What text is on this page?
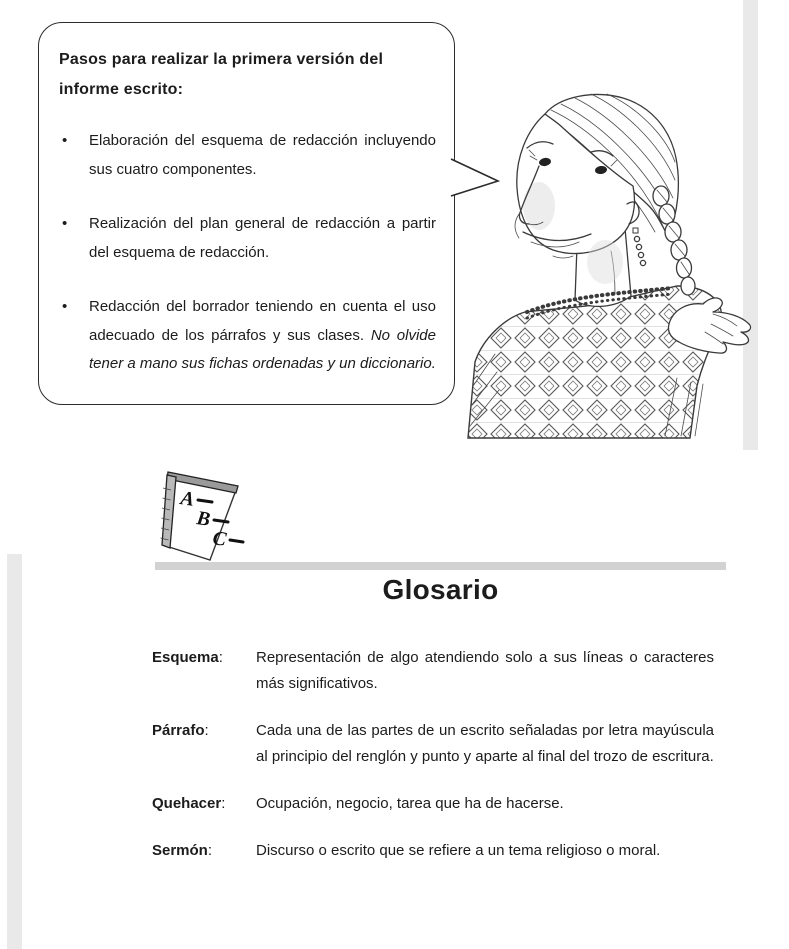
Pasos para realizar la primera versión del informe escrito:
• Elaboración del esquema de redacción incluyendo sus cuatro componentes.
• Realización del plan general de redacción a partir del esquema de redacción.
• Redacción del borrador teniendo en cuenta el uso adecuado de los párrafos y sus clases. No olvide tener a mano sus fichas ordenadas y un diccionario.
A
B
C
Glosario
Esquema:	Representación de algo atendiendo solo a sus líneas o caracteres más significativos.
Párrafo:	Cada una de las partes de un escrito señaladas por letra mayúscula al principio del renglón y punto y aparte al final del trozo de escritura.
Quehacer:	Ocupación, negocio, tarea que ha de hacerse.
Sermón:	Discurso o escrito que se refiere a un tema religioso o moral.
